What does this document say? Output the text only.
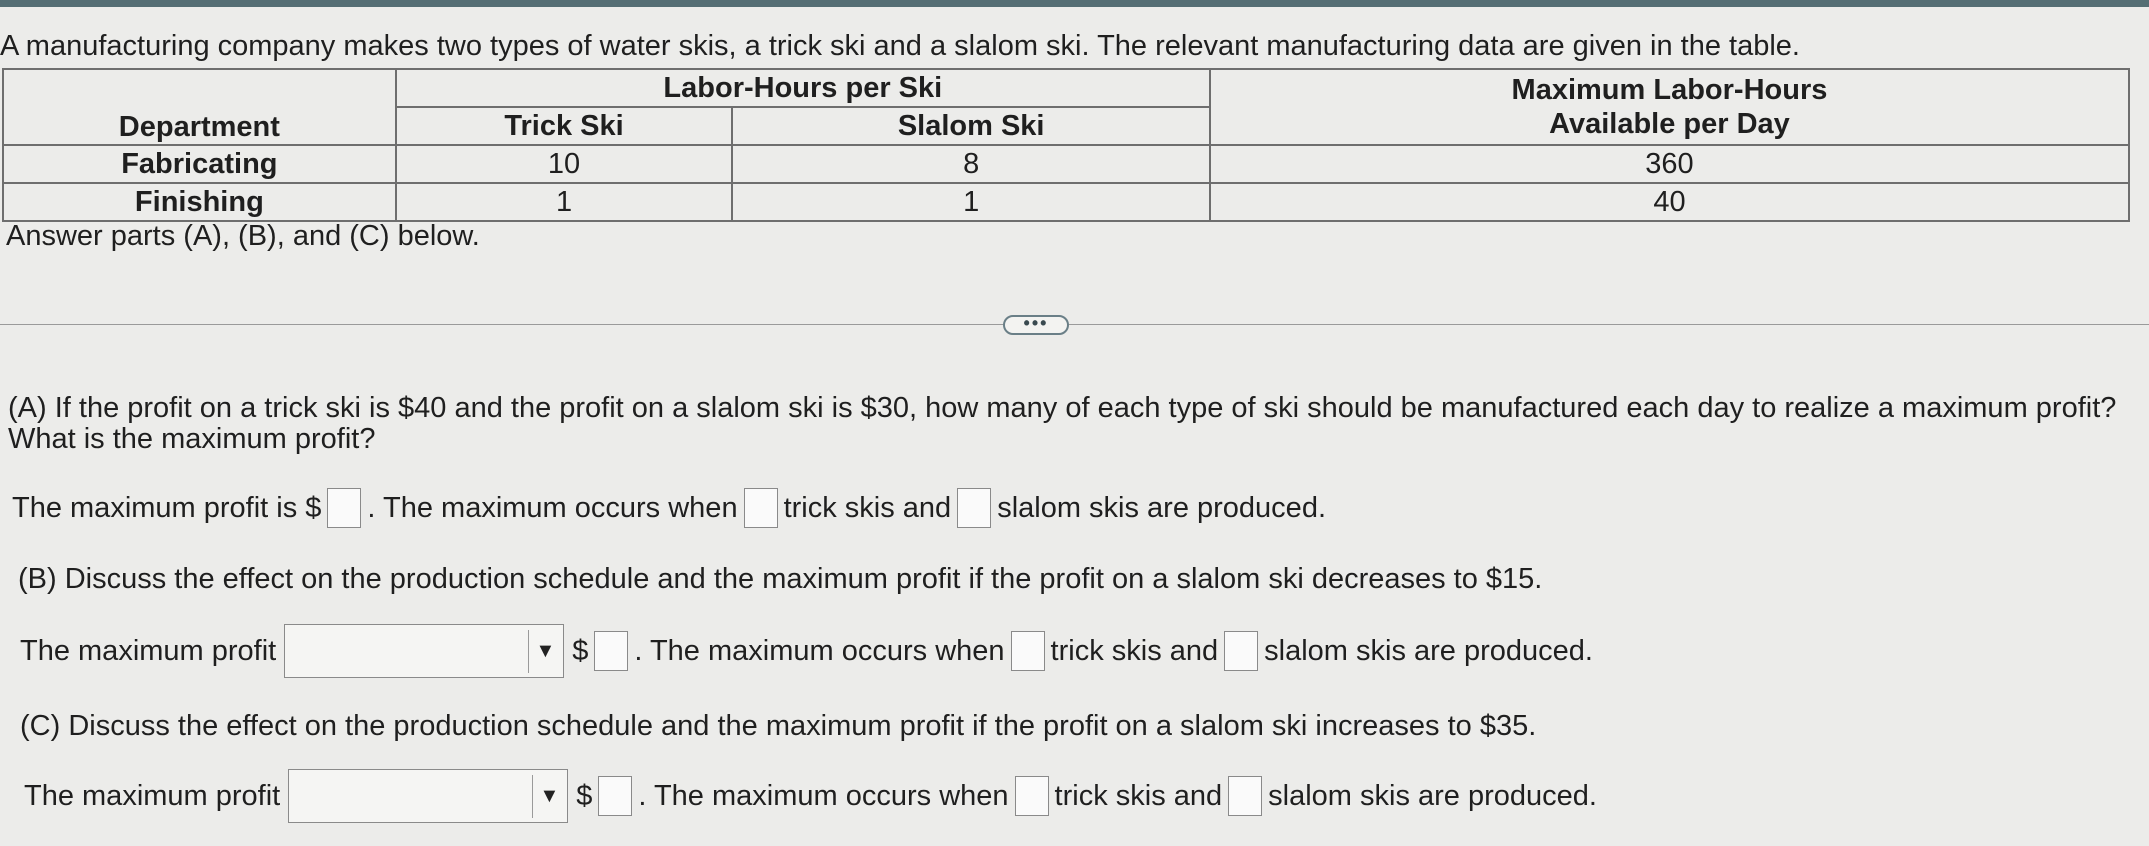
A manufacturing company makes two types of water skis, a trick ski and a slalom ski. The relevant manufacturing data are given in the table.
Department	Labor-Hours per Ski		Maximum Labor-Hours
Available per Day

	Trick Ski	Slalom Ski	
Fabricating	10	8	360
Finishing	1	1	40
Answer parts (A), (B), and (C) below.
•••
(A) If the profit on a trick ski is $40 and the profit on a slalom ski is $30, how many of each type of ski should be manufactured each day to realize a maximum profit?
What is the maximum profit?
The maximum profit is $ . The maximum occurs when trick skis and slalom skis are produced.
(B) Discuss the effect on the production schedule and the maximum profit if the profit on a slalom ski decreases to $15.
The maximum profit	▼ $ . The maximum occurs when trick skis and slalom skis are produced.
(C) Discuss the effect on the production schedule and the maximum profit if the profit on a slalom ski increases to $35.
The maximum profit	▼ $ . The maximum occurs when trick skis and slalom skis are produced.
